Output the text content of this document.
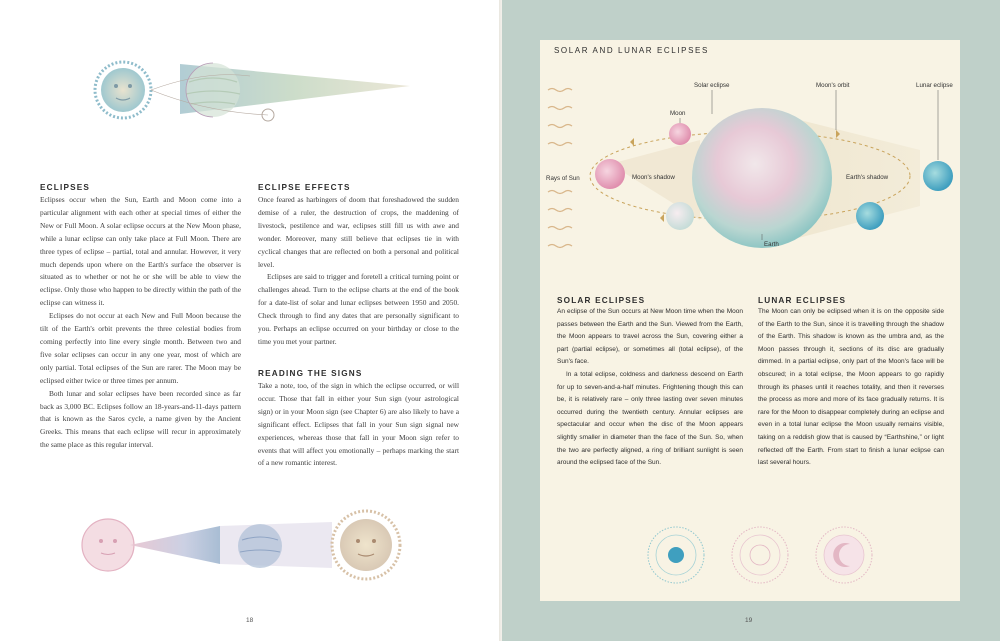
ECLIPSES

Eclipses occur when the Sun, Earth and Moon come into a particular alignment with each other at special times of either the New or Full Moon. A solar eclipse occurs at the New Moon phase, while a lunar eclipse can only take place at Full Moon. There are three types of eclipse – partial, total and annular. However, it very much depends upon where on the Earth's surface the observer is situated as to whether or not he or she will be able to view the eclipse. Only those who happen to be directly within the path of the eclipse can witness it.

Eclipses do not occur at each New and Full Moon because the tilt of the Earth's orbit prevents the three celestial bodies from coming perfectly into line every single month. Between two and five solar eclipses can occur in any one year, most of which are only partial. Total eclipses of the Sun are rarer. The Moon may be eclipsed either twice or three times per annum.

Both lunar and solar eclipses have been recorded since as far back as 3,000 BC. Eclipses follow an 18-years-and-11-days pattern that is known as the Saros cycle, a name given by the Ancient Greeks. This means that each eclipse will recur in approximately the same place as this regular interval.

ECLIPSE EFFECTS

Once feared as harbingers of doom that foreshadowed the sudden demise of a ruler, the destruction of crops, the maddening of livestock, pestilence and war, eclipses still fill us with awe and wonder. Moreover, many still believe that eclipses tie in with cyclical changes that are reflected on both a personal and political level.

Eclipses are said to trigger and foretell a critical turning point or challenges ahead. Turn to the eclipse charts at the end of the book for a date-list of solar and lunar eclipses between 1950 and 2050. Check through to find any dates that are personally significant to you. Perhaps an eclipse occurred on your birthday or close to the time you met your partner.

READING THE SIGNS

Take a note, too, of the sign in which the eclipse occurred, or will occur. Those that fall in either your Sun sign (your astrological sign) or in your Moon sign (see Chapter 6) are also likely to have a significant effect. Eclipses that fall in your Sun sign signal new experiences, whereas those that fall in your Moon sign refer to events that will affect you emotionally – perhaps marking the start of a new romantic interest.

18
SOLAR AND LUNAR ECLIPSES
Solar eclipse	Moon's orbit	Lunar eclipse
Moon
Rays of Sun	Moon's shadow	Earth's shadow
Earth
SOLAR ECLIPSES

An eclipse of the Sun occurs at New Moon time when the Moon passes between the Earth and the Sun. Viewed from the Earth, the Moon appears to travel across the Sun, covering either a part (partial eclipse), or sometimes all (total eclipse), of the Sun's face.

In a total eclipse, coldness and darkness descend on Earth for up to seven-and-a-half minutes. Frightening though this can be, it is relatively rare – only three lasting over seven minutes occurred during the twentieth century. Annular eclipses are spectacular and occur when the disc of the Moon appears slightly smaller in diameter than the face of the Sun. So, when the two are perfectly aligned, a ring of brilliant sunlight is seen around the eclipsed face of the Sun.

LUNAR ECLIPSES

The Moon can only be eclipsed when it is on the opposite side of the Earth to the Sun, since it is travelling through the shadow of the Earth. This shadow is known as the umbra and, as the Moon passes through it, sections of its disc are gradually dimmed. In a partial eclipse, only part of the Moon's face will be obscured; in a total eclipse, the Moon appears to go rapidly through its phases until it reaches totality, and then it reverses the process as more and more of its face gradually returns. It is rare for the Moon to disappear completely during an eclipse and even in a total lunar eclipse the Moon usually remains visible, taking on a reddish glow that is caused by “Earthshine,” or light reflected off the Earth. From start to finish a lunar eclipse can last several hours.

19
